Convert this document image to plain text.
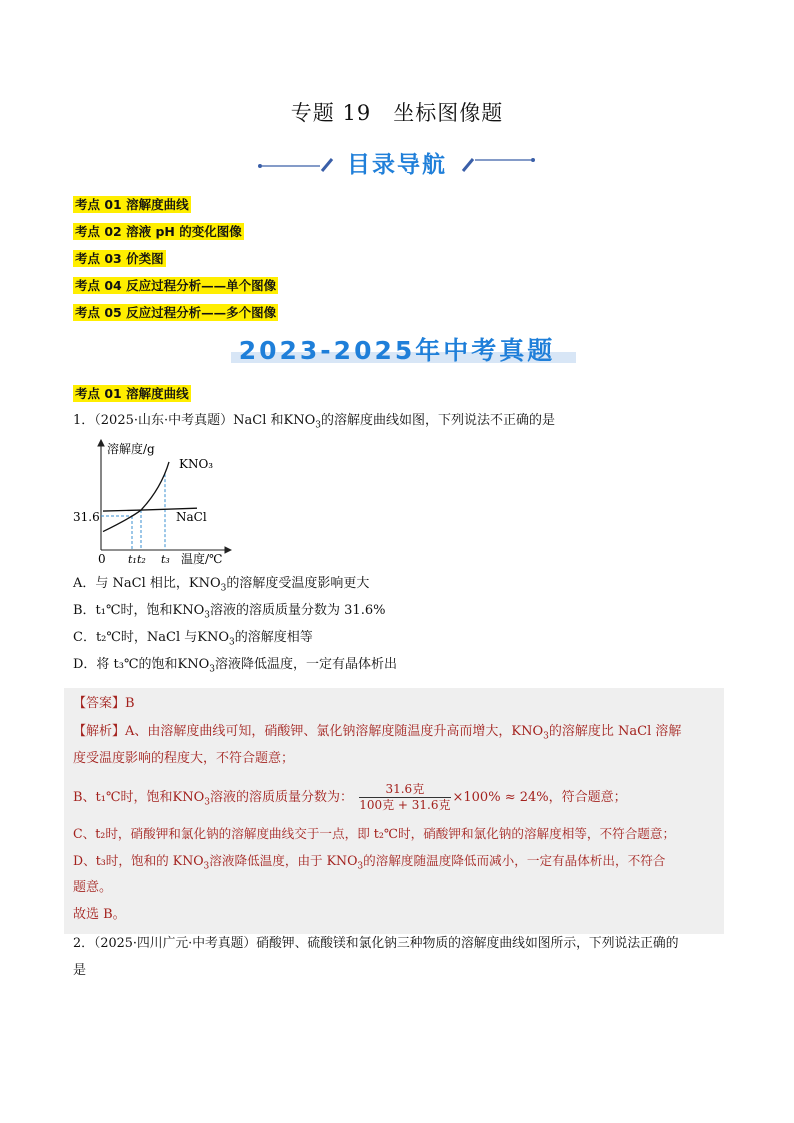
专题 19　坐标图像题
目录导航
考点 01 溶解度曲线
考点 02 溶液 pH 的变化图像
考点 03 价类图
考点 04 反应过程分析——单个图像
考点 05 反应过程分析——多个图像
2023-2025年中考真题
考点 01 溶解度曲线
1．（2025·山东·中考真题）NaCl 和$KNO_3$的溶解度曲线如图，下列说法不正确的是
KNO₃
NaCl
t₁ t₂ t₃
溶解度/g
温度/℃
0
31.6
A．与 NaCl 相比，$KNO_3$的溶解度受温度影响更大
B．t₁℃时，饱和$KNO_3$溶液的溶质质量分数为 31.6%
C．t₂℃时，NaCl 与$KNO_3$的溶解度相等
D．将 t₃℃的饱和$KNO_3$溶液降低温度，一定有晶体析出
【答案】B
【解析】A、由溶解度曲线可知，硝酸钾、氯化钠溶解度随温度升高而增大，$KNO_3$的溶解度比 NaCl 溶解
度受温度影响的程度大，不符合题意；
B、t₁℃时，饱和$KNO_3$溶液的溶质质量分数为： $\frac{\text{31.6克}}{\text{100克 + 31.6克}} \times 100\% \approx 24\%$，符合题意；
C、t₂时，硝酸钾和氯化钠的溶解度曲线交于一点，即 t₂℃时，硝酸钾和氯化钠的溶解度相等，不符合题意；
D、t₃时，饱和的 $KNO_3$溶液降低温度，由于 $KNO_3$的溶解度随温度降低而减小，一定有晶体析出，不符合
题意。
故选 B。
2．（2025·四川广元·中考真题）硝酸钾、硫酸镁和氯化钠三种物质的溶解度曲线如图所示，下列说法正确的
是
